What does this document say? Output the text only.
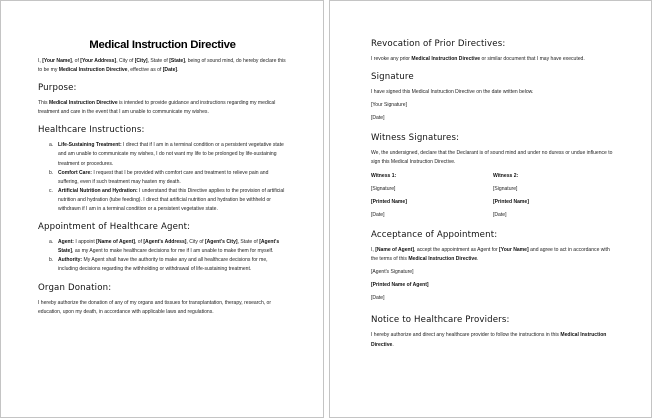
Medical Instruction Directive

I, [Your Name], of [Your Address], City of [City], State of [State], being of sound mind, do hereby declare this to be my Medical Instruction Directive, effective as of [Date].

Purpose:

This Medical Instruction Directive is intended to provide guidance and instructions regarding my medical treatment and care in the event that I am unable to communicate my wishes.

Healthcare Instructions:
a. Life-Sustaining Treatment: I direct that if I am in a terminal condition or a persistent vegetative state and am unable to communicate my wishes, I do not want my life to be prolonged by life-sustaining treatment or procedures.
b. Comfort Care: I request that I be provided with comfort care and treatment to relieve pain and suffering, even if such treatment may hasten my death.
c. Artificial Nutrition and Hydration: I understand that this Directive applies to the provision of artificial nutrition and hydration (tube feeding). I direct that artificial nutrition and hydration be withheld or withdrawn if I am in a terminal condition or a persistent vegetative state.
Appointment of Healthcare Agent:
a. Agent: I appoint [Name of Agent], of [Agent's Address], City of [Agent's City], State of [Agent's State], as my Agent to make healthcare decisions for me if I am unable to make them for myself.
b. Authority: My Agent shall have the authority to make any and all healthcare decisions for me, including decisions regarding the withholding or withdrawal of life-sustaining treatment.
Organ Donation:

I hereby authorize the donation of any of my organs and tissues for transplantation, therapy, research, or education, upon my death, in accordance with applicable laws and regulations.

Revocation of Prior Directives:

I revoke any prior Medical Instruction Directive or similar document that I may have executed.

Signature

I have signed this Medical Instruction Directive on the date written below.

[Your Signature]
[Date]
Witness Signatures:

We, the undersigned, declare that the Declarant is of sound mind and under no duress or undue influence to sign this Medical Instruction Directive.

Witness 1:
[Signature]
[Printed Name]
[Date]
Witness 2:
[Signature]
[Printed Name]
[Date]
Acceptance of Appointment:

I, [Name of Agent], accept the appointment as Agent for [Your Name] and agree to act in accordance with the terms of this Medical Instruction Directive.

[Agent's Signature]
[Printed Name of Agent]
[Date]
Notice to Healthcare Providers:

I hereby authorize and direct any healthcare provider to follow the instructions in this Medical Instruction Directive.
